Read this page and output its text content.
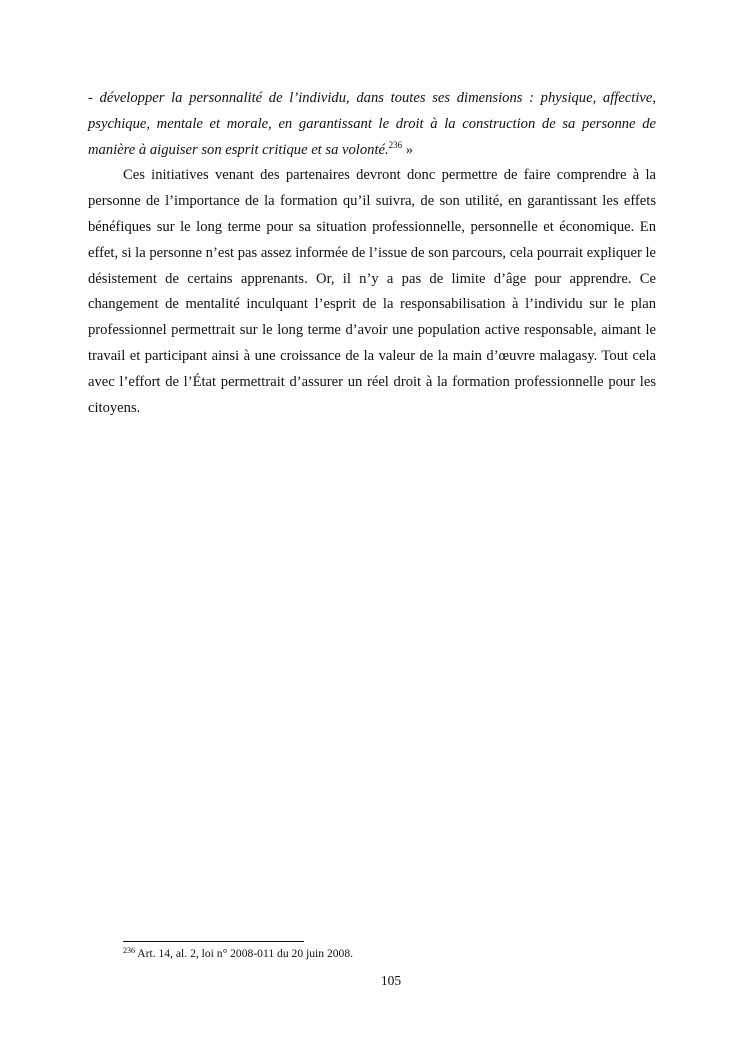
- développer la personnalité de l’individu, dans toutes ses dimensions : physique, affective, psychique, mentale et morale, en garantissant le droit à la construction de sa personne de manière à aiguiser son esprit critique et sa volonté.$^{236}$ »

Ces initiatives venant des partenaires devront donc permettre de faire comprendre à la personne de l’importance de la formation qu’il suivra, de son utilité, en garantissant les effets bénéfiques sur le long terme pour sa situation professionnelle, personnelle et économique. En effet, si la personne n’est pas assez informée de l’issue de son parcours, cela pourrait expliquer le désistement de certains apprenants. Or, il n’y a pas de limite d’âge pour apprendre. Ce changement de mentalité inculquant l’esprit de la responsabilisation à l’individu sur le plan professionnel permettrait sur le long terme d’avoir une population active responsable, aimant le travail et participant ainsi à une croissance de la valeur de la main d’œuvre malagasy. Tout cela avec l’effort de l’État permettrait d’assurer un réel droit à la formation professionnelle pour les citoyens.

$^{236}$ Art. 14, al. 2, loi n° 2008-011 du 20 juin 2008.
105
